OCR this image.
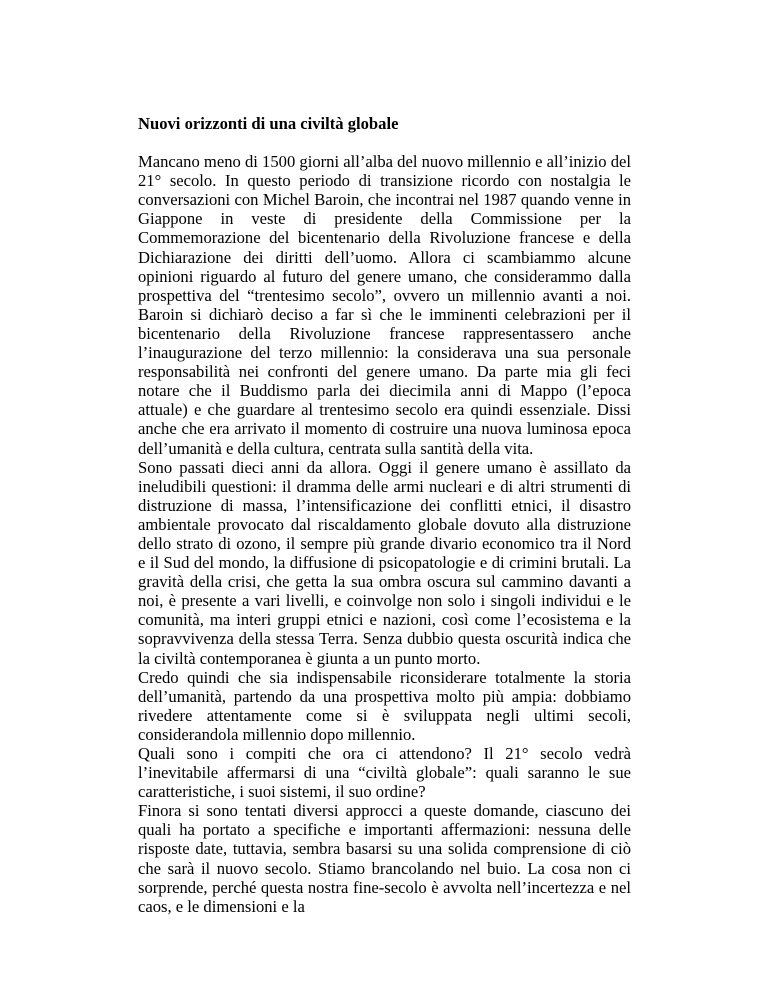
Nuovi orizzonti di una civiltà globale

Mancano meno di 1500 giorni all’alba del nuovo millennio e all’inizio del 21° secolo. In questo periodo di transizione ricordo con nostalgia le conversazioni con Michel Baroin, che incontrai nel 1987 quando venne in Giappone in veste di presidente della Commissione per la Commemorazione del bicentenario della Rivoluzione francese e della Dichiarazione dei diritti dell’uomo. Allora ci scambiammo alcune opinioni riguardo al futuro del genere umano, che considerammo dalla prospettiva del “trentesimo secolo”, ovvero un millennio avanti a noi. Baroin si dichiarò deciso a far sì che le imminenti celebrazioni per il bicentenario della Rivoluzione francese rappresentassero anche l’inaugurazione del terzo millennio: la considerava una sua personale responsabilità nei confronti del genere umano. Da parte mia gli feci notare che il Buddismo parla dei diecimila anni di Mappo (l’epoca attuale) e che guardare al trentesimo secolo era quindi essenziale. Dissi anche che era arrivato il momento di costruire una nuova luminosa epoca dell’umanità e della cultura, centrata sulla santità della vita.

Sono passati dieci anni da allora. Oggi il genere umano è assillato da ineludibili questioni: il dramma delle armi nucleari e di altri strumenti di distruzione di massa, l’intensificazione dei conflitti etnici, il disastro ambientale provocato dal riscaldamento globale dovuto alla distruzione dello strato di ozono, il sempre più grande divario economico tra il Nord e il Sud del mondo, la diffusione di psicopatologie e di crimini brutali. La gravità della crisi, che getta la sua ombra oscura sul cammino davanti a noi, è presente a vari livelli, e coinvolge non solo i singoli individui e le comunità, ma interi gruppi etnici e nazioni, così come l’ecosistema e la sopravvivenza della stessa Terra. Senza dubbio questa oscurità indica che la civiltà contemporanea è giunta a un punto morto.

Credo quindi che sia indispensabile riconsiderare totalmente la storia dell’umanità, partendo da una prospettiva molto più ampia: dobbiamo rivedere attentamente come si è sviluppata negli ultimi secoli, considerandola millennio dopo millennio.

Quali sono i compiti che ora ci attendono? Il 21° secolo vedrà l’inevitabile affermarsi di una “civiltà globale”: quali saranno le sue caratteristiche, i suoi sistemi, il suo ordine?

Finora si sono tentati diversi approcci a queste domande, ciascuno dei quali ha portato a specifiche e importanti affermazioni: nessuna delle risposte date, tuttavia, sembra basarsi su una solida comprensione di ciò che sarà il nuovo secolo. Stiamo brancolando nel buio. La cosa non ci sorprende, perché questa nostra fine-secolo è avvolta nell’incertezza e nel caos, e le dimensioni e la
